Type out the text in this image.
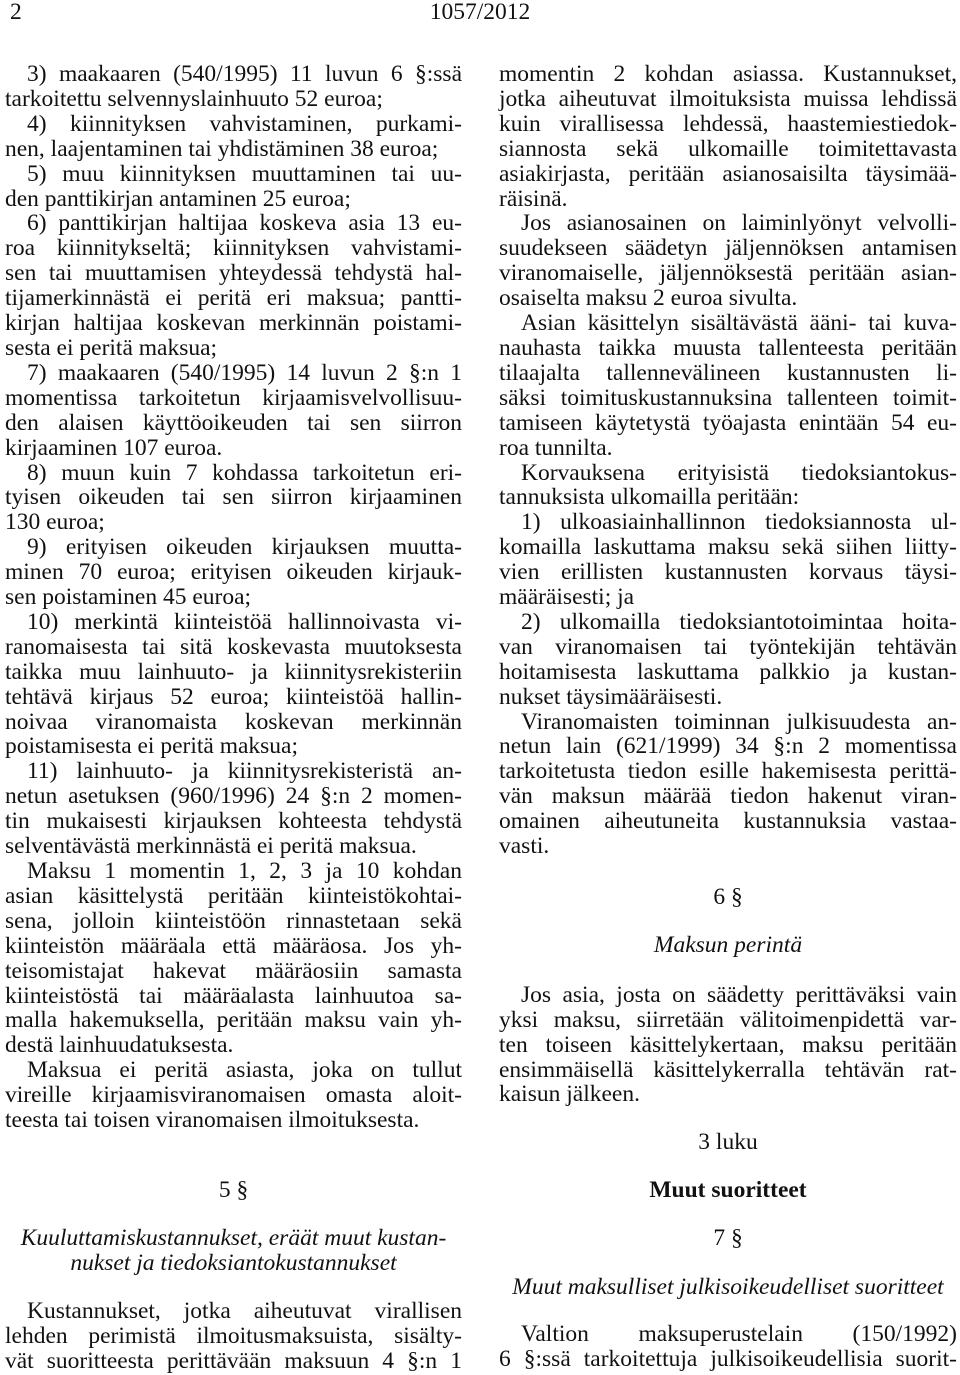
2	1057/2012
3) maakaaren (540/1995) 11 luvun 6 §:ssä
tarkoitettu selvennyslainhuuto 52 euroa;
4) kiinnityksen vahvistaminen, purkami-
nen, laajentaminen tai yhdistäminen 38 euroa;
5) muu kiinnityksen muuttaminen tai uu-
den panttikirjan antaminen 25 euroa;
6) panttikirjan haltijaa koskeva asia 13 eu-
roa kiinnitykseltä; kiinnityksen vahvistami-
sen tai muuttamisen yhteydessä tehdystä hal-
tijamerkinnästä ei peritä eri maksua; pantti-
kirjan haltijaa koskevan merkinnän poistami-
sesta ei peritä maksua;
7) maakaaren (540/1995) 14 luvun 2 §:n 1
momentissa tarkoitetun kirjaamisvelvollisuu-
den alaisen käyttöoikeuden tai sen siirron
kirjaaminen 107 euroa.
8) muun kuin 7 kohdassa tarkoitetun eri-
tyisen oikeuden tai sen siirron kirjaaminen
130 euroa;
9) erityisen oikeuden kirjauksen muutta-
minen 70 euroa; erityisen oikeuden kirjauk-
sen poistaminen 45 euroa;
10) merkintä kiinteistöä hallinnoivasta vi-
ranomaisesta tai sitä koskevasta muutoksesta
taikka muu lainhuuto- ja kiinnitysrekisteriin
tehtävä kirjaus 52 euroa; kiinteistöä hallin-
noivaa viranomaista koskevan merkinnän
poistamisesta ei peritä maksua;
11) lainhuuto- ja kiinnitysrekisteristä an-
netun asetuksen (960/1996) 24 §:n 2 momen-
tin mukaisesti kirjauksen kohteesta tehdystä
selventävästä merkinnästä ei peritä maksua.
Maksu 1 momentin 1, 2, 3 ja 10 kohdan
asian käsittelystä peritään kiinteistökohtai-
sena, jolloin kiinteistöön rinnastetaan sekä
kiinteistön määräala että määräosa. Jos yh-
teisomistajat hakevat määräosiin samasta
kiinteistöstä tai määräalasta lainhuutoa sa-
malla hakemuksella, peritään maksu vain yh-
destä lainhuudatuksesta.
Maksua ei peritä asiasta, joka on tullut
vireille kirjaamisviranomaisen omasta aloit-
teesta tai toisen viranomaisen ilmoituksesta.
5 §
Kuuluttamiskustannukset, eräät muut kustan-
nukset ja tiedoksiantokustannukset
Kustannukset, jotka aiheutuvat virallisen
lehden perimistä ilmoitusmaksuista, sisälty-
vät suoritteesta perittävään maksuun 4 §:n 1
momentin 2 kohdan asiassa. Kustannukset,
jotka aiheutuvat ilmoituksista muissa lehdissä
kuin virallisessa lehdessä, haastemiestiedok-
siannosta sekä ulkomaille toimitettavasta
asiakirjasta, peritään asianosaisilta täysimää-
räisinä.
Jos asianosainen on laiminlyönyt velvolli-
suudekseen säädetyn jäljennöksen antamisen
viranomaiselle, jäljennöksestä peritään asian-
osaiselta maksu 2 euroa sivulta.
Asian käsittelyn sisältävästä ääni- tai kuva-
nauhasta taikka muusta tallenteesta peritään
tilaajalta tallennevälineen kustannusten li-
säksi toimituskustannuksina tallenteen toimit-
tamiseen käytetystä työajasta enintään 54 eu-
roa tunnilta.
Korvauksena erityisistä tiedoksiantokus-
tannuksista ulkomailla peritään:
1) ulkoasiainhallinnon tiedoksiannosta ul-
komailla laskuttama maksu sekä siihen liitty-
vien erillisten kustannusten korvaus täysi-
määräisesti; ja
2) ulkomailla tiedoksiantotoimintaa hoita-
van viranomaisen tai työntekijän tehtävän
hoitamisesta laskuttama palkkio ja kustan-
nukset täysimääräisesti.
Viranomaisten toiminnan julkisuudesta an-
netun lain (621/1999) 34 §:n 2 momentissa
tarkoitetusta tiedon esille hakemisesta perittä-
vän maksun määrää tiedon hakenut viran-
omainen aiheutuneita kustannuksia vastaa-
vasti.
6 §
Maksun perintä
Jos asia, josta on säädetty perittäväksi vain
yksi maksu, siirretään välitoimenpidettä var-
ten toiseen käsittelykertaan, maksu peritään
ensimmäisellä käsittelykerralla tehtävän rat-
kaisun jälkeen.
3 luku
Muut suoritteet
7 §
Muut maksulliset julkisoikeudelliset suoritteet
Valtion maksuperustelain (150/1992)
6 §:ssä tarkoitettuja julkisoikeudellisia suorit-
